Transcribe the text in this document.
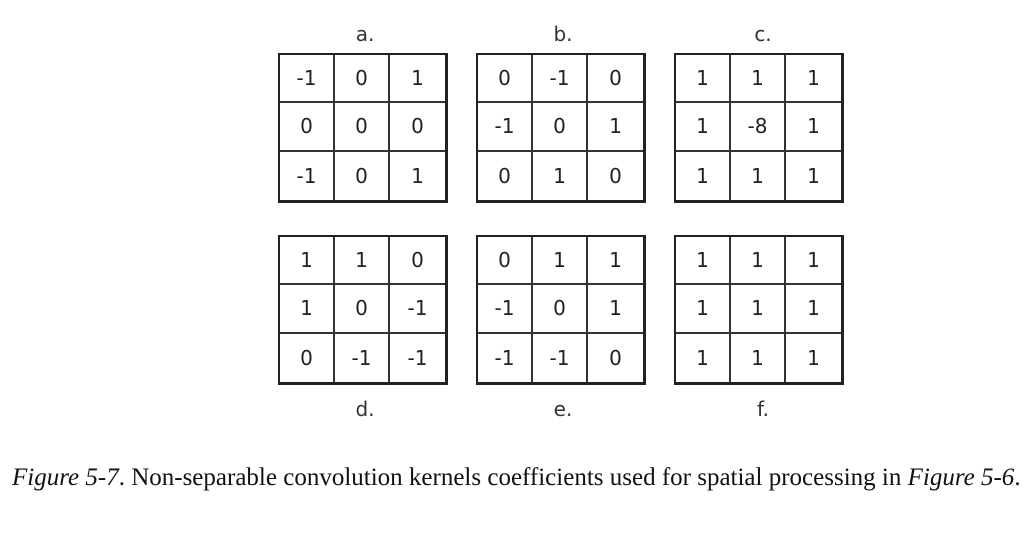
a.	b.	c.
-1	0	1
0	0	0
-1	0	1
0	-1	0
-1	0	1
0	1	0
1	1	1
1	-8	1
1	1	1
1	1	0
1	0	-1
0	-1	-1
0	1	1
-1	0	1
-1	-1	0
1	1	1
1	1	1
1	1	1
d.	e.	f.
Figure 5-7. Non-separable convolution kernels coefficients used for spatial processing in Figure 5-6.
